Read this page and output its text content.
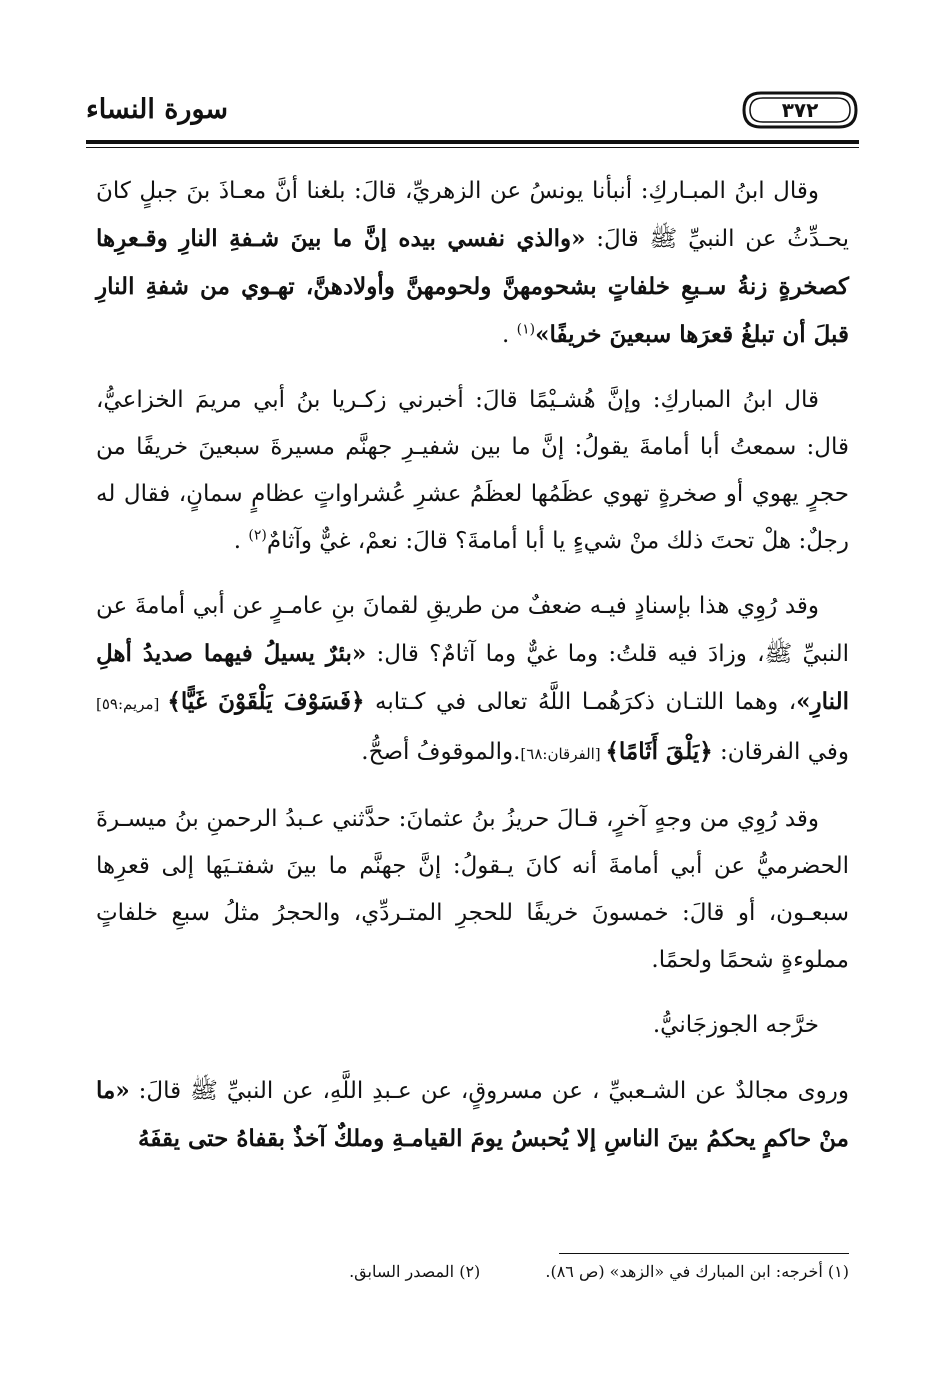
سورة النساء	٣٧٢

وقال ابنُ المبـاركِ: أنبأنا يونسُ عن الزهريِّ، قالَ: بلغنا أنَّ معـاذَ بنَ جبلٍ كانَ يحـدِّثُ عن النبيِّ ﷺ قالَ: «والذي نفسي بيده إنَّ ما بينَ شـفةِ النارِ وقـعرِها كصخرةٍ زنةُ سـبعِ خلفاتٍ بشحومهنَّ ولحومهنَّ وأولادهنَّ، تهـوي من شفةِ النارِ قبلَ أن تبلغُ قعرَها سبعينَ خريفًا»$^{(١)}$ .

قال ابنُ المباركِ: وإنَّ هُشـيْمًا قالَ: أخبرني زكـريا بنُ أبي مريمَ الخزاعيُّ، قال: سمعتُ أبا أمامةَ يقولُ: إنَّ ما بين شفيـرِ جهنَّم مسيرةَ سبعينَ خريفًا من حجرٍ يهوي أو صخرةٍ تهوي عظَمُها لعظَمُ عشرِ عُشراواتٍ عظامٍ سمانٍ، فقال له رجلٌ: هلْ تحتَ ذلك منْ شيءٍ يا أبا أمامةَ؟ قالَ: نعمْ، غيٌّ وآثامٌ$^{(٢)}$ .

وقد رُوِي هذا بإسنادٍ فيـه ضعفٌ من طريقِ لقمانَ بنِ عامـرٍ عن أبي أمامةَ عن النبيِّ ﷺ، وزادَ فيه قلتُ: وما غيٌّ وما آثامٌ؟ قال: «بئرٌ يسيلُ فيهما صديدُ أهلِ النارِ»، وهما اللتـان ذكرَهُمـا اللَّهُ تعالى في كـتابه ﴿فَسَوْفَ يَلْقَوْنَ غَيًّا﴾ [مريم:٥٩] وفي الفرقان: ﴿يَلْقَ أَثَامًا﴾ [الفرقان:٦٨].والموقوفُ أصحُّ.

وقد رُوِي من وجهٍ آخرٍ، قـالَ حريزُ بنُ عثمانَ: حدَّثني عـبدُ الرحمنِ بنُ ميسـرةَ الحضرميُّ عن أبي أمامةَ أنه كانَ يـقولُ: إنَّ جهنَّم ما بينَ شفتـيَها إلى قعرِها سبعـون، أو قالَ: خمسونَ خريفًا للحجرِ المتـردِّي، والحجرُ مثلُ سبعِ خلفاتٍ مملوءةٍ شحمًا ولحمًا.

خرَّجه الجوزجَانيُّ.

وروى مجالدٌ عن الشـعبيِّ ، عن مسروقٍ، عن عـبدِ اللَّهِ، عن النبيِّ ﷺ قالَ: «ما منْ حاكمٍ يحكمُ بينَ الناسِ إلا يُحبسُ يومَ القيامـةِ وملكٌ آخذٌ بقفاهُ حتى يقفَهُ

(١) أخرجه: ابن المبارك في «الزهد» (ص ٨٦). (٢) المصدر السابق.
